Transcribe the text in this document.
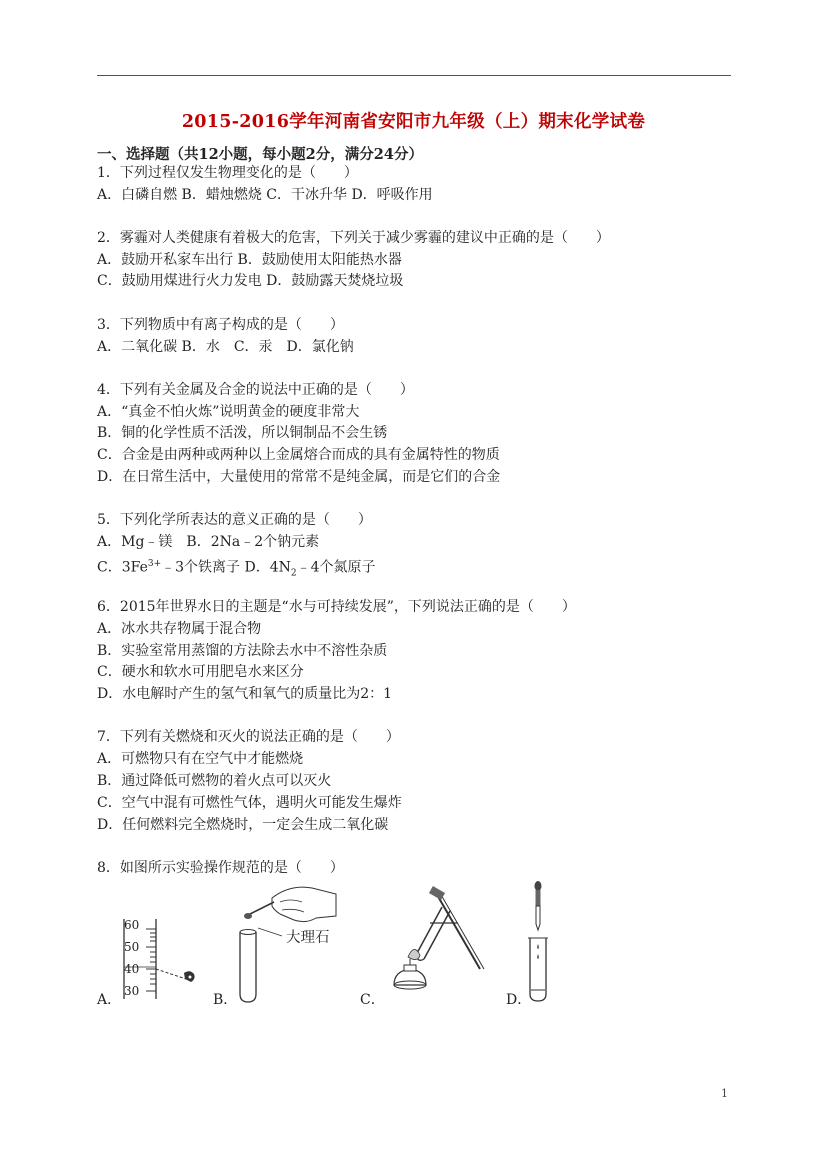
2015-2016学年河南省安阳市九年级（上）期末化学试卷
一、选择题（共12小题，每小题2分，满分24分）
1．下列过程仅发生物理变化的是（　　）
A．白磷自燃 B．蜡烛燃烧 C．干冰升华 D．呼吸作用
2．雾霾对人类健康有着极大的危害，下列关于减少雾霾的建议中正确的是（　　）
A．鼓励开私家车出行 B．鼓励使用太阳能热水器
C．鼓励用煤进行火力发电 D．鼓励露天焚烧垃圾
3．下列物质中有离子构成的是（　　）
A．二氧化碳 B．水　C．汞　D．氯化钠
4．下列有关金属及合金的说法中正确的是（　　）
A．“真金不怕火炼”说明黄金的硬度非常大
B．铜的化学性质不活泼，所以铜制品不会生锈
C．合金是由两种或两种以上金属熔合而成的具有金属特性的物质
D．在日常生活中，大量使用的常常不是纯金属，而是它们的合金
5．下列化学所表达的意义正确的是（　　）
A．Mg﹣镁　B．2Na﹣2个钠元素
C．$3Fe^{3+}﹣3$个铁离子 D．$4N_2﹣4$个氮原子
6．2015年世界水日的主题是“水与可持续发展”，下列说法正确的是（　　）
A．冰水共存物属于混合物
B．实验室常用蒸馏的方法除去水中不溶性杂质
C．硬水和软水可用肥皂水来区分
D．水电解时产生的氢气和氧气的质量比为2：1
7．下列有关燃烧和灭火的说法正确的是（　　）
A．可燃物只有在空气中才能燃烧
B．通过降低可燃物的着火点可以灭火
C．空气中混有可燃性气体，遇明火可能发生爆炸
D．任何燃料完全燃烧时，一定会生成二氧化碳
8．如图所示实验操作规范的是（　　）
60
50
40
30
A．
大理石
B．	C．	D．
1
